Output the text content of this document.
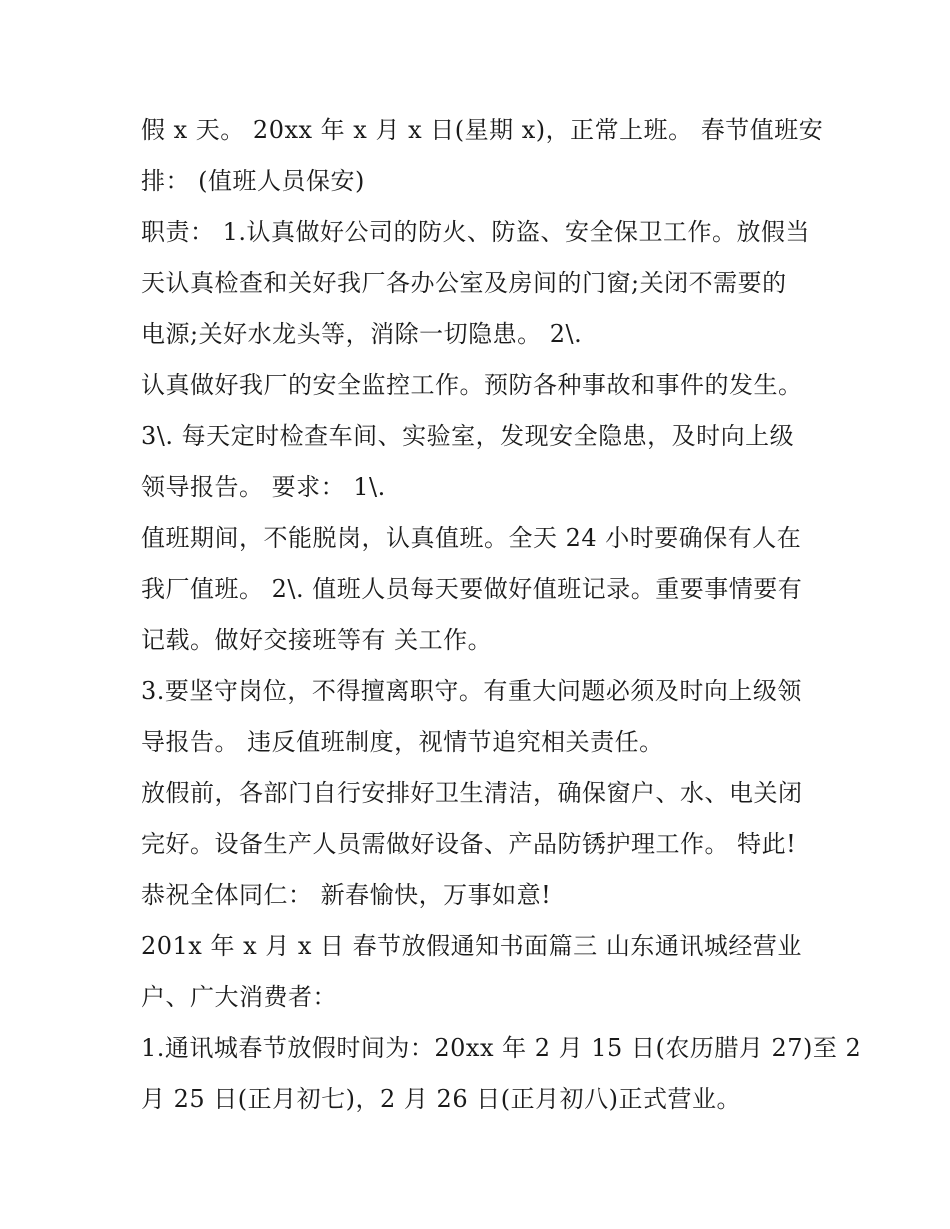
假 x 天。 20xx 年 x 月 x 日(星期 x)，正常上班。 春节值班安
排： (值班人员保安)
职责： 1.认真做好公司的防火、防盗、安全保卫工作。放假当
天认真检查和关好我厂各办公室及房间的门窗;关闭不需要的
电源;关好水龙头等，消除一切隐患。 2\.
认真做好我厂的安全监控工作。预防各种事故和事件的发生。
3\. 每天定时检查车间、实验室，发现安全隐患，及时向上级
领导报告。 要求： 1\.
值班期间，不能脱岗，认真值班。全天 24 小时要确保有人在
我厂值班。 2\. 值班人员每天要做好值班记录。重要事情要有
记载。做好交接班等有 关工作。
3.要坚守岗位，不得擅离职守。有重大问题必须及时向上级领
导报告。 违反值班制度，视情节追究相关责任。
放假前，各部门自行安排好卫生清洁，确保窗户、水、电关闭
完好。设备生产人员需做好设备、产品防锈护理工作。 特此!
恭祝全体同仁： 新春愉快，万事如意!
201x 年 x 月 x 日 春节放假通知书面篇三 山东通讯城经营业
户、广大消费者：
1.通讯城春节放假时间为：20xx 年 2 月 15 日(农历腊月 27)至 2
月 25 日(正月初七)，2 月 26 日(正月初八)正式营业。
